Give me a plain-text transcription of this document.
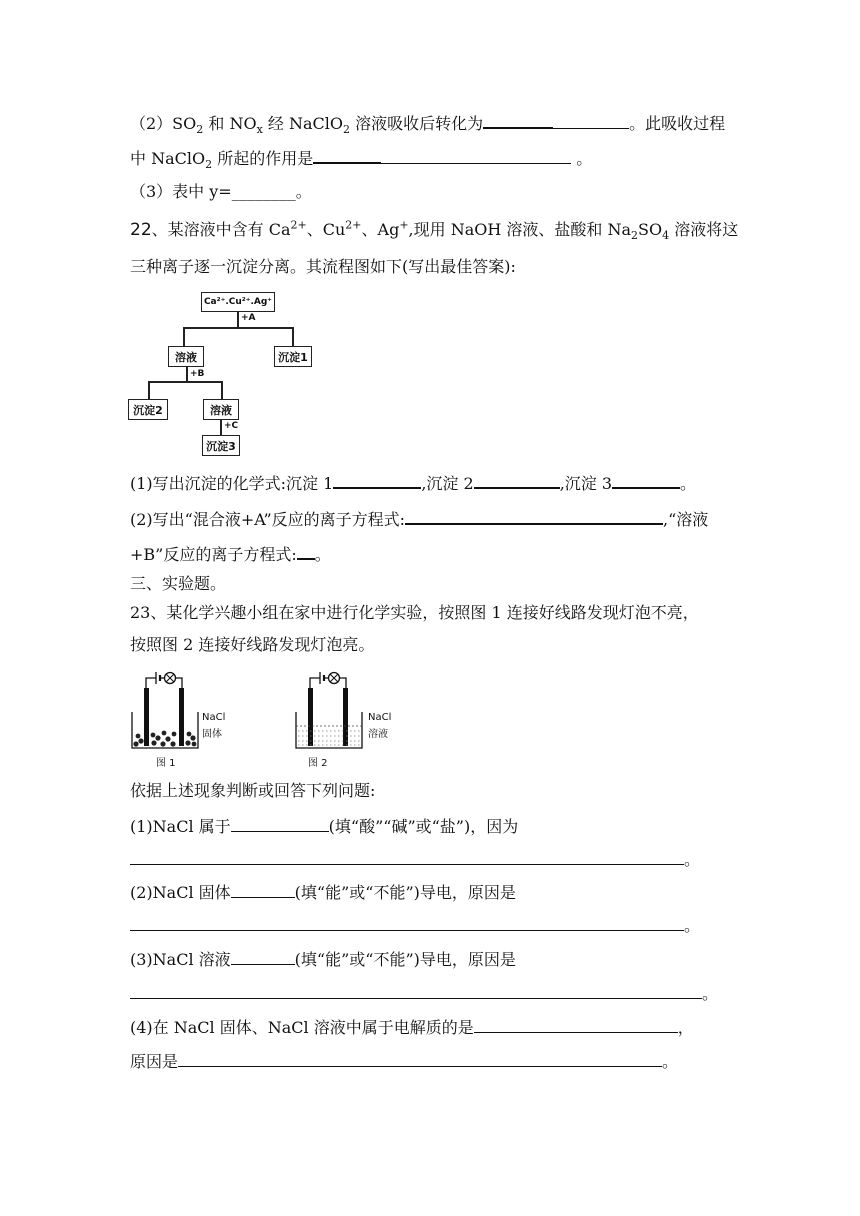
$(2)SO_2$ 和 $NO_x$ 经 NaClO$_2$ 溶液吸收后转化为	。此吸收过程
中 NaClO$_2$ 所起的作用是	。
（3）表中 y=________。
22、某溶液中含有 $Ca^{2+}$、$Cu^{2+}$、Ag+,现用 NaOH 溶液、盐酸和 $Na_2SO_4$ 溶液将这
三种离子逐一沉淀分离。其流程图如下(写出最佳答案):
Ca²⁺.Cu²⁺.Ag⁺
+A
溶液	沉淀1
+B
沉淀2	溶液
+C
沉淀3
(1)写出沉淀的化学式:沉淀 1	,沉淀 2	,沉淀 3	。
(2)写出“混合液+A”反应的离子方程式:	,“溶液
+B”反应的离子方程式: 。
三、实验题。
23、某化学兴趣小组在家中进行化学实验，按照图 1 连接好线路发现灯泡不亮，
按照图 2 连接好线路发现灯泡亮。
NaCl
固体
图 1
NaCl
溶液
图 2
依据上述现象判断或回答下列问题:
(1)NaCl 属于	(填“酸”“碱”或“盐”)，因为
。
(2)NaCl 固体	(填“能”或“不能”)导电，原因是
。
(3)NaCl 溶液	(填“能”或“不能”)导电，原因是
。
(4)在 NaCl 固体、NaCl 溶液中属于电解质的是	，
原因是	。
